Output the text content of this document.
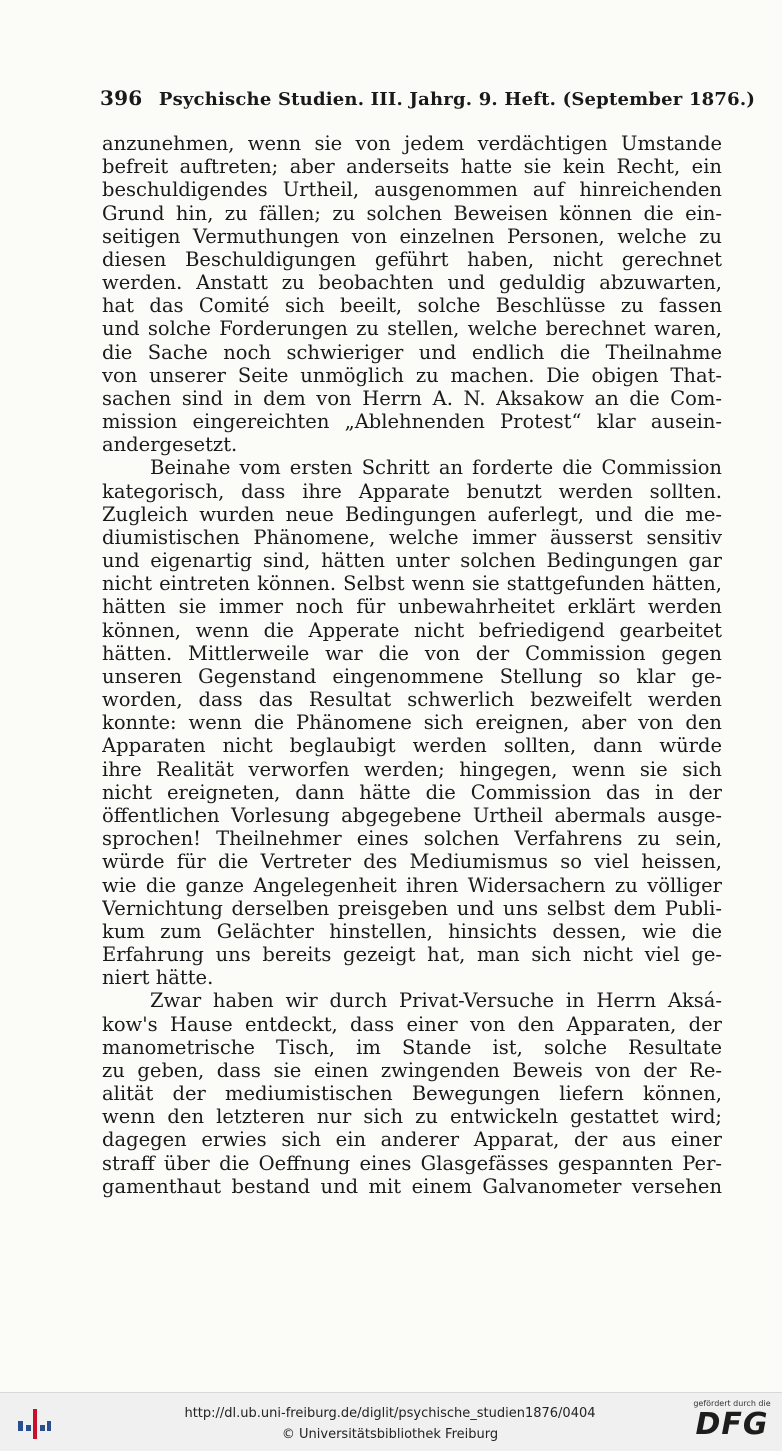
396 Psychische Studien. III. Jahrg. 9. Heft. (September 1876.)
anzunehmen, wenn sie von jedem verdächtigen Umstande
befreit auftreten; aber anderseits hatte sie kein Recht, ein
beschuldigendes Urtheil, ausgenommen auf hinreichenden
Grund hin, zu fällen; zu solchen Beweisen können die ein-
seitigen Vermuthungen von einzelnen Personen, welche zu
diesen Beschuldigungen geführt haben, nicht gerechnet
werden. Anstatt zu beobachten und geduldig abzuwarten,
hat das Comité sich beeilt, solche Beschlüsse zu fassen
und solche Forderungen zu stellen, welche berechnet waren,
die Sache noch schwieriger und endlich die Theilnahme
von unserer Seite unmöglich zu machen. Die obigen That-
sachen sind in dem von Herrn A. N. Aksakow an die Com-
mission eingereichten „Ablehnenden Protest“ klar ausein-
andergesetzt.
Beinahe vom ersten Schritt an forderte die Commission
kategorisch, dass ihre Apparate benutzt werden sollten.
Zugleich wurden neue Bedingungen auferlegt, und die me-
diumistischen Phänomene, welche immer äusserst sensitiv
und eigenartig sind, hätten unter solchen Bedingungen gar
nicht eintreten können. Selbst wenn sie stattgefunden hätten,
hätten sie immer noch für unbewahrheitet erklärt werden
können, wenn die Apperate nicht befriedigend gearbeitet
hätten. Mittlerweile war die von der Commission gegen
unseren Gegenstand eingenommene Stellung so klar ge-
worden, dass das Resultat schwerlich bezweifelt werden
konnte: wenn die Phänomene sich ereignen, aber von den
Apparaten nicht beglaubigt werden sollten, dann würde
ihre Realität verworfen werden; hingegen, wenn sie sich
nicht ereigneten, dann hätte die Commission das in der
öffentlichen Vorlesung abgegebene Urtheil abermals ausge-
sprochen! Theilnehmer eines solchen Verfahrens zu sein,
würde für die Vertreter des Mediumismus so viel heissen,
wie die ganze Angelegenheit ihren Widersachern zu völliger
Vernichtung derselben preisgeben und uns selbst dem Publi-
kum zum Gelächter hinstellen, hinsichts dessen, wie die
Erfahrung uns bereits gezeigt hat, man sich nicht viel ge-
niert hätte.
Zwar haben wir durch Privat-Versuche in Herrn Aksá-
kow's Hause entdeckt, dass einer von den Apparaten, der
manometrische Tisch, im Stande ist, solche Resultate
zu geben, dass sie einen zwingenden Beweis von der Re-
alität der mediumistischen Bewegungen liefern können,
wenn den letzteren nur sich zu entwickeln gestattet wird;
dagegen erwies sich ein anderer Apparat, der aus einer
straff über die Oeffnung eines Glasgefässes gespannten Per-
gamenthaut bestand und mit einem Galvanometer versehen
http://dl.ub.uni-freiburg.de/diglit/psychische_studien1876/0404
© Universitätsbibliothek Freiburg
gefördert durch die
DFG
